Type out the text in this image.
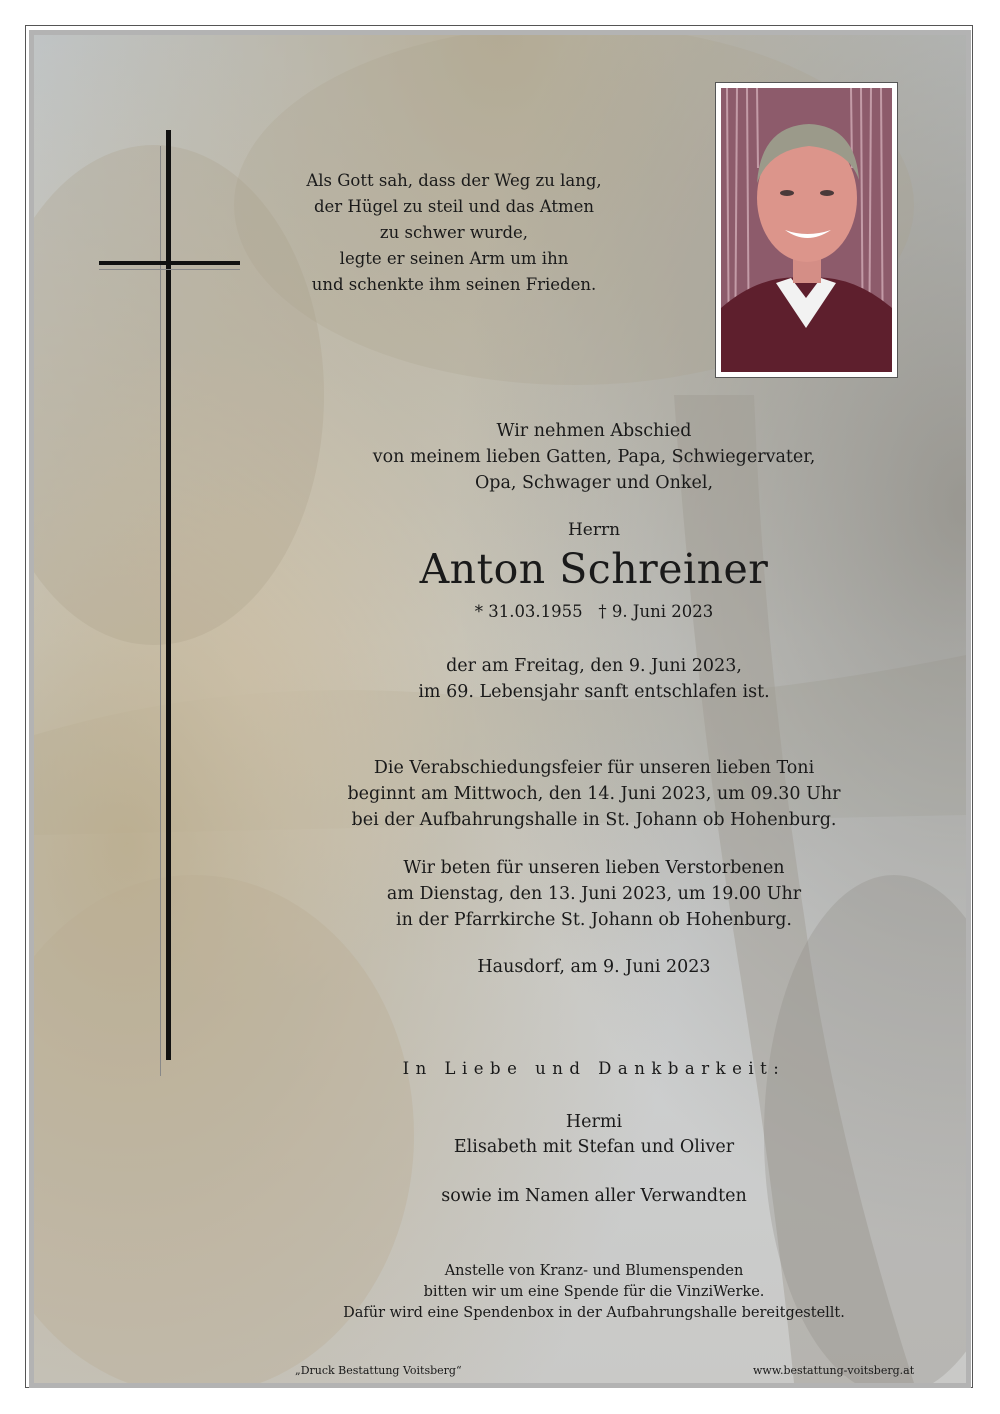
Als Gott sah, dass der Weg zu lang,
der Hügel zu steil und das Atmen
zu schwer wurde,
legte er seinen Arm um ihn
und schenkte ihm seinen Frieden.
Wir nehmen Abschied
von meinem lieben Gatten, Papa, Schwiegervater,
Opa, Schwager und Onkel,
Herrn
Anton Schreiner
* 31.03.1955   † 9. Juni 2023
der am Freitag, den 9. Juni 2023,
im 69. Lebensjahr sanft entschlafen ist.
Die Verabschiedungsfeier für unseren lieben Toni
beginnt am Mittwoch, den 14. Juni 2023, um 09.30 Uhr
bei der Aufbahrungshalle in St. Johann ob Hohenburg.
Wir beten für unseren lieben Verstorbenen
am Dienstag, den 13. Juni 2023, um 19.00 Uhr
in der Pfarrkirche St. Johann ob Hohenburg.
Hausdorf, am 9. Juni 2023
In Liebe und Dankbarkeit:
Hermi
Elisabeth mit Stefan und Oliver
sowie im Namen aller Verwandten
Anstelle von Kranz- und Blumenspenden
bitten wir um eine Spende für die VinziWerke.
Dafür wird eine Spendenbox in der Aufbahrungshalle bereitgestellt.
„Druck Bestattung Voitsberg“	www.bestattung-voitsberg.at
